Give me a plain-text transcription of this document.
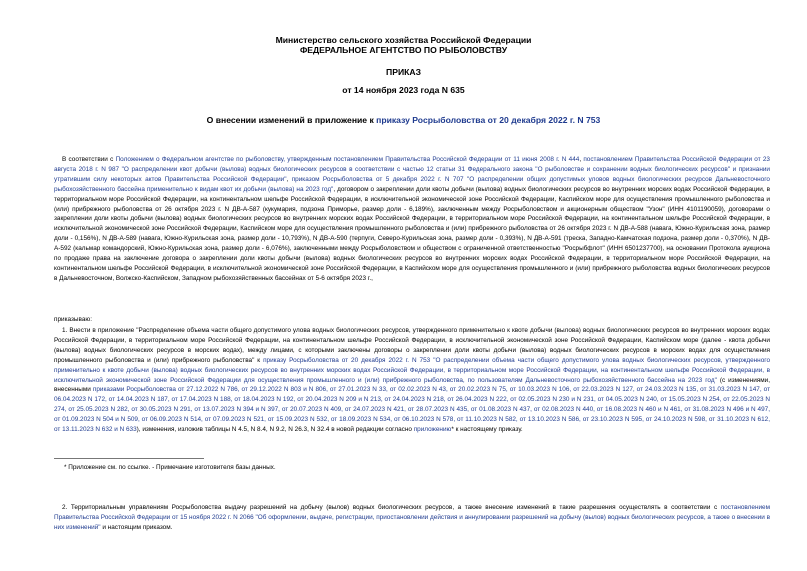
Министерство сельского хозяйства Российской Федерации
ФЕДЕРАЛЬНОЕ АГЕНТСТВО ПО РЫБОЛОВСТВУ
ПРИКАЗ
от 14 ноября 2023 года N 635
О внесении изменений в приложение к приказу Росрыболовства от 20 декабря 2022 г. N 753
В соответствии с Положением о Федеральном агентстве по рыболовству, утвержденным постановлением Правительства Российской Федерации от 11 июня 2008 г. N 444, постановлением Правительства Российской Федерации от 23 августа 2018 г. N 987 "О распределении квот добычи (вылова) водных биологических ресурсов в соответствии с частью 12 статьи 31 Федерального закона "О рыболовстве и сохранении водных биологических ресурсов" и признании утратившим силу некоторых актов Правительства Российской Федерации", приказом Росрыболовства от 5 декабря 2022 г. N 707 "О распределении общих допустимых уловов водных биологических ресурсов Дальневосточного рыбохозяйственного бассейна применительно к видам квот их добычи (вылова) на 2023 год", договором о закреплении доли квоты добычи (вылова) водных биологических ресурсов во внутренних морских водах Российской Федерации, в территориальном море Российской Федерации, на континентальном шельфе Российской Федерации, в исключительной экономической зоне Российской Федерации, Каспийском море для осуществления промышленного рыболовства и (или) прибрежного рыболовства от 26 октября 2023 г. N ДВ-А-587 (кукумария, подзона Приморье, размер доли - 6,189%), заключенным между Росрыболовством и акционерным обществом "Узон" (ИНН 4101190059), договорами о закреплении доли квоты добычи (вылова) водных биологических ресурсов во внутренних морских водах Российской Федерации, в территориальном море Российской Федерации, на континентальном шельфе Российской Федерации, в исключительной экономической зоне Российской Федерации, Каспийском море для осуществления промышленного рыболовства и (или) прибрежного рыболовства от 26 октября 2023 г. N ДВ-А-588 (навага, Южно-Курильская зона, размер доли - 0,156%), N ДВ-А-589 (навага, Южно-Курильская зона, размер доли - 10,793%), N ДВ-А-590 (терпуги, Северо-Курильская зона, размер доли - 0,393%), N ДВ-А-591 (треска, Западно-Камчатская подзона, размер доли - 0,370%), N ДВ-А-592 (кальмар командорский, Южно-Курильская зона, размер доли - 6,076%), заключенными между Росрыболовством и обществом с ограниченной ответственностью "Росрыбфлот" (ИНН 6501237700), на основании Протокола аукциона по продаже права на заключение договора о закреплении доли квоты добычи (вылова) водных биологических ресурсов во внутренних морских водах Российской Федерации, в территориальном море Российской Федерации, на континентальном шельфе Российской Федерации, в исключительной экономической зоне Российской Федерации, в Каспийском море для осуществления промышленного и (или) прибрежного рыболовства водных биологических ресурсов в Дальневосточном, Волжско-Каспийском, Западном рыбохозяйственных бассейнах от 5-6 октября 2023 г.,
приказываю:
1. Внести в приложение "Распределение объема части общего допустимого улова водных биологических ресурсов, утвержденного применительно к квоте добычи (вылова) водных биологических ресурсов во внутренних морских водах Российской Федерации, в территориальном море Российской Федерации, на континентальном шельфе Российской Федерации, в исключительной экономической зоне Российской Федерации, Каспийском море (далее - квота добычи (вылова) водных биологических ресурсов в морских водах), между лицами, с которыми заключены договоры о закреплении доли квоты добычи (вылова) водных биологических ресурсов в морских водах для осуществления промышленного рыболовства и (или) прибрежного рыболовства" к приказу Росрыболовства от 20 декабря 2022 г. N 753 "О распределении объема части общего допустимого улова водных биологических ресурсов, утвержденного применительно к квоте добычи (вылова) водных биологических ресурсов во внутренних морских водах Российской Федерации, в территориальном море Российской Федерации, на континентальном шельфе Российской Федерации, в исключительной экономической зоне Российской Федерации для осуществления промышленного и (или) прибрежного рыболовства, по пользователям Дальневосточного рыбохозяйственного бассейна на 2023 год" (с изменениями, внесенными приказами Росрыболовства от 27.12.2022 N 786, от 29.12.2022 N 803 и N 806, от 27.01.2023 N 33, от 02.02.2023 N 43, от 20.02.2023 N 75, от 10.03.2023 N 106, от 22.03.2023 N 127, от 24.03.2023 N 135, от 31.03.2023 N 147, от 06.04.2023 N 172, от 14.04.2023 N 187, от 17.04.2023 N 188, от 18.04.2023 N 192, от 20.04.2023 N 209 и N 213, от 24.04.2023 N 218, от 26.04.2023 N 222, от 02.05.2023 N 230 и N 231, от 04.05.2023 N 240, от 15.05.2023 N 254, от 22.05.2023 N 274, от 25.05.2023 N 282, от 30.05.2023 N 291, от 13.07.2023 N 394 и N 397, от 20.07.2023 N 409, от 24.07.2023 N 421, от 28.07.2023 N 435, от 01.08.2023 N 437, от 02.08.2023 N 440, от 16.08.2023 N 460 и N 461, от 31.08.2023 N 496 и N 497, от 01.09.2023 N 504 и N 509, от 06.09.2023 N 514, от 07.09.2023 N 521, от 15.09.2023 N 532, от 18.09.2023 N 534, от 06.10.2023 N 578, от 11.10.2023 N 582, от 13.10.2023 N 586, от 23.10.2023 N 595, от 24.10.2023 N 598, от 31.10.2023 N 612, от 13.11.2023 N 632 и N 633), изменения, изложив таблицы N 4.5, N 8.4, N 9.2, N 26.3, N 32.4 в новой редакции согласно приложению* к настоящему приказу.
* Приложение см. по ссылке. - Примечание изготовителя базы данных.
2. Территориальным управлениям Росрыболовства выдачу разрешений на добычу (вылов) водных биологических ресурсов, а также внесение изменений в такие разрешения осуществлять в соответствии с постановлением Правительства Российской Федерации от 15 ноября 2022 г. N 2066 "Об оформлении, выдаче, регистрации, приостановлении действия и аннулировании разрешений на добычу (вылов) водных биологических ресурсов, а также о внесении в них изменений" и настоящим приказом.
